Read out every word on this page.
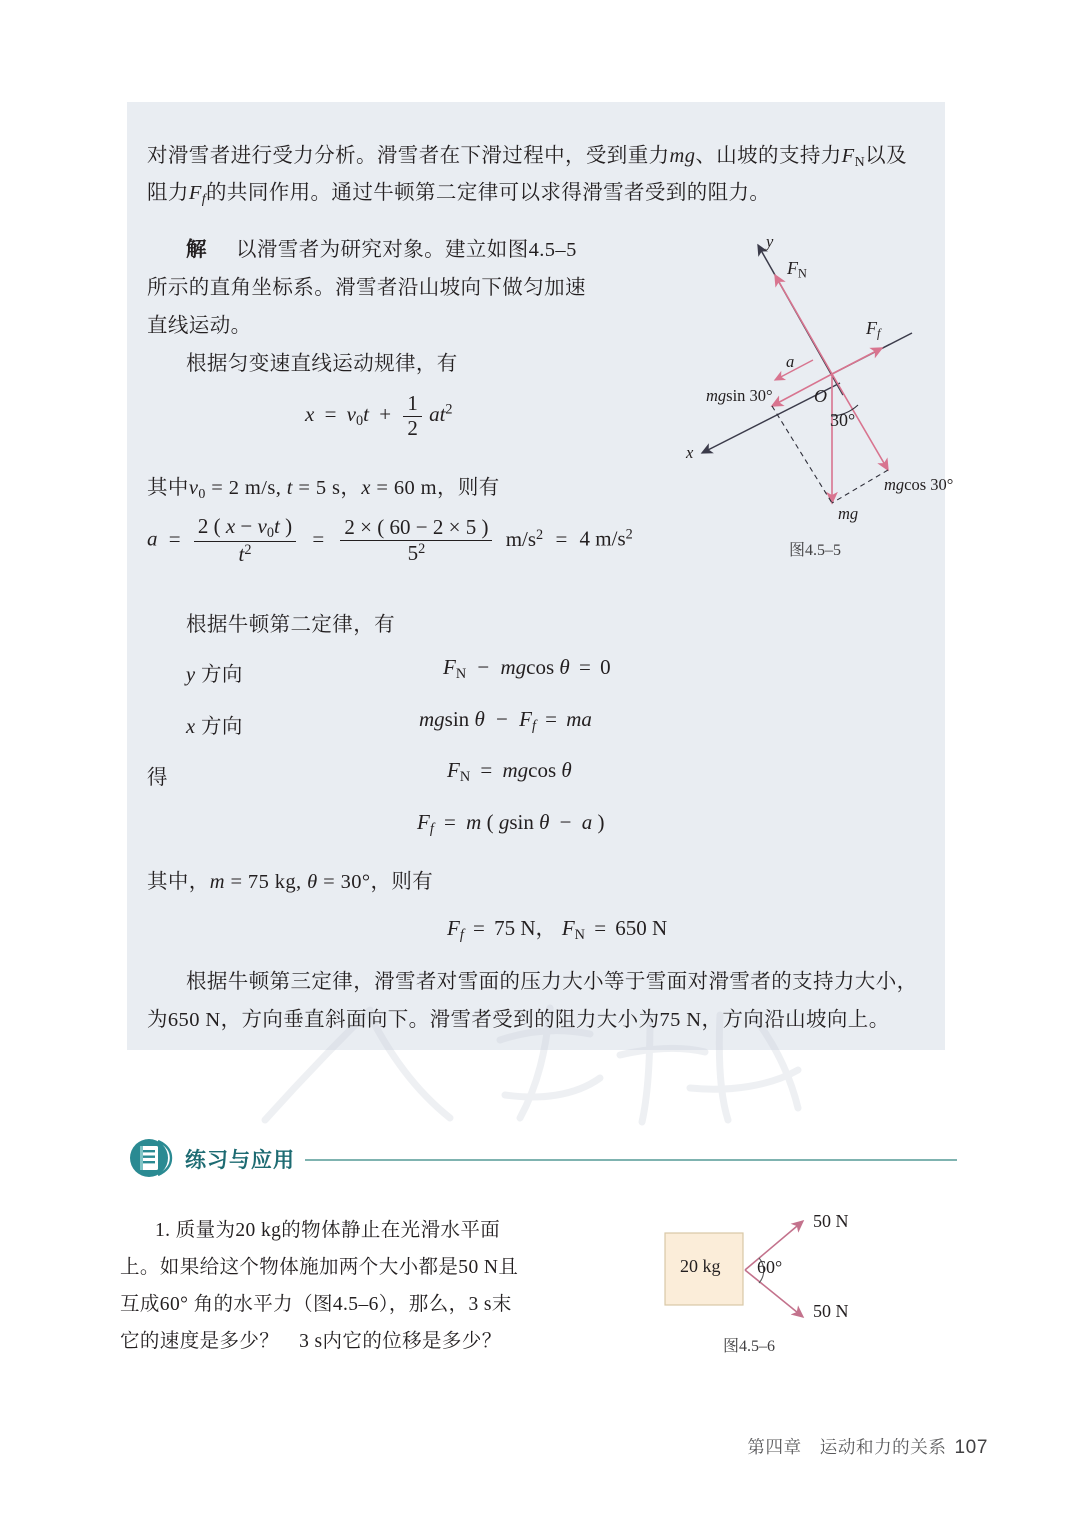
对滑雪者进行受力分析。滑雪者在下滑过程中，受到重力mg、山坡的支持力$F_N$以及
阻力Ff的共同作用。通过牛顿第二定律可以求得滑雪者受到的阻力。
解 以滑雪者为研究对象。建立如图4.5–5
所示的直角坐标系。滑雪者沿山坡向下做匀加速
直线运动。
根据匀变速直线运动规律，有
$x = v_0t + \frac{1}{2} at^2$
其中$v_0 = 2$ m/s, t = 5 s，x = 60 m，则有
$a = \frac{2 ( x - v_0t )}{t^2} = \frac{2 \times ( 60 - 2 \times 5 )}{5^2} m/s^2 = 4$ $m/s^2$
根据牛顿第二定律，有
y 方向	$F_N - mgcos$ θ = 0
x 方向	mgsin θ − Ff = ma
得	$F_N = mgcos$ θ
Ff = m ( gsin θ − a )
其中，m = 75 kg, θ = 30°，则有
Ff = 75 N， $F_N = 650$ N
根据牛顿第三定律，滑雪者对雪面的压力大小等于雪面对滑雪者的支持力大小，
为650 N，方向垂直斜面向下。滑雪者受到的阻力大小为75 N，方向沿山坡向上。
y
$F_N$
Ff
a
mgsin 30° O
30°
x
mgcos 30°
mg
图4.5–5
练习与应用
1. 质量为20 kg的物体静止在光滑水平面
上。如果给这个物体施加两个大小都是50 N且
互成60° 角的水平力（图4.5–6），那么，3 s末
它的速度是多少？　3 s内它的位移是多少？
20 kg 60°
50 N
50 N
图4.5–6
第四章　运动和力的关系 107
